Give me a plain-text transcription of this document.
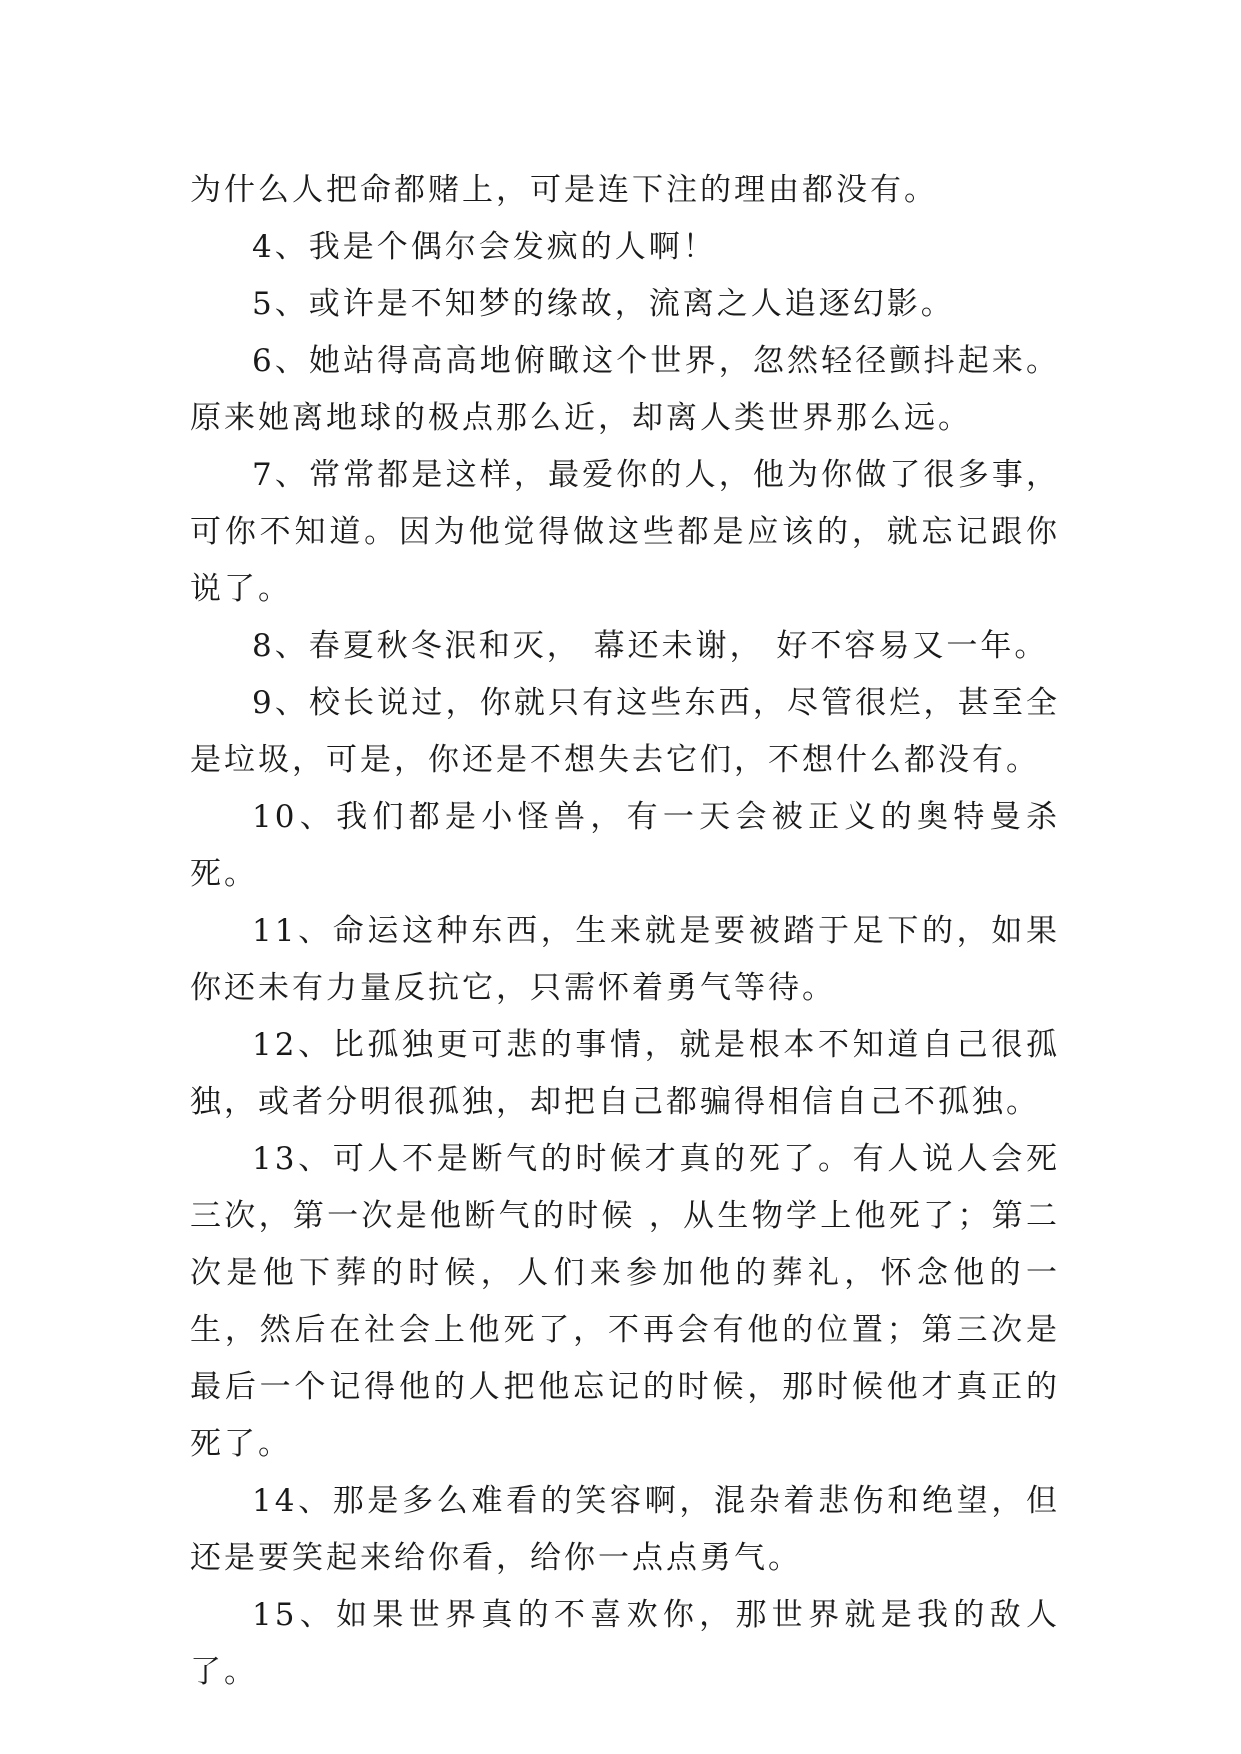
为什么人把命都赌上，可是连下注的理由都没有。

4、我是个偶尔会发疯的人啊！

5、或许是不知梦的缘故，流离之人追逐幻影。

6、她站得高高地俯瞰这个世界，忽然轻径颤抖起来。原来她离地球的极点那么近，却离人类世界那么远。

7、常常都是这样，最爱你的人，他为你做了很多事，可你不知道。因为他觉得做这些都是应该的，就忘记跟你说了。

8、春夏秋冬泯和灭， 幕还未谢， 好不容易又一年。

9、校长说过，你就只有这些东西，尽管很烂，甚至全是垃圾，可是，你还是不想失去它们，不想什么都没有。

10、我们都是小怪兽，有一天会被正义的奥特曼杀死。

11、命运这种东西，生来就是要被踏于足下的，如果你还未有力量反抗它，只需怀着勇气等待。

12、比孤独更可悲的事情，就是根本不知道自己很孤独，或者分明很孤独，却把自己都骗得相信自己不孤独。

13、可人不是断气的时候才真的死了。有人说人会死三次，第一次是他断气的时候 ，从生物学上他死了；第二次是他下葬的时候，人们来参加他的葬礼，怀念他的一生，然后在社会上他死了，不再会有他的位置；第三次是最后一个记得他的人把他忘记的时候，那时候他才真正的死了。

14、那是多么难看的笑容啊，混杂着悲伤和绝望，但还是要笑起来给你看，给你一点点勇气。

15、如果世界真的不喜欢你，那世界就是我的敌人了。
